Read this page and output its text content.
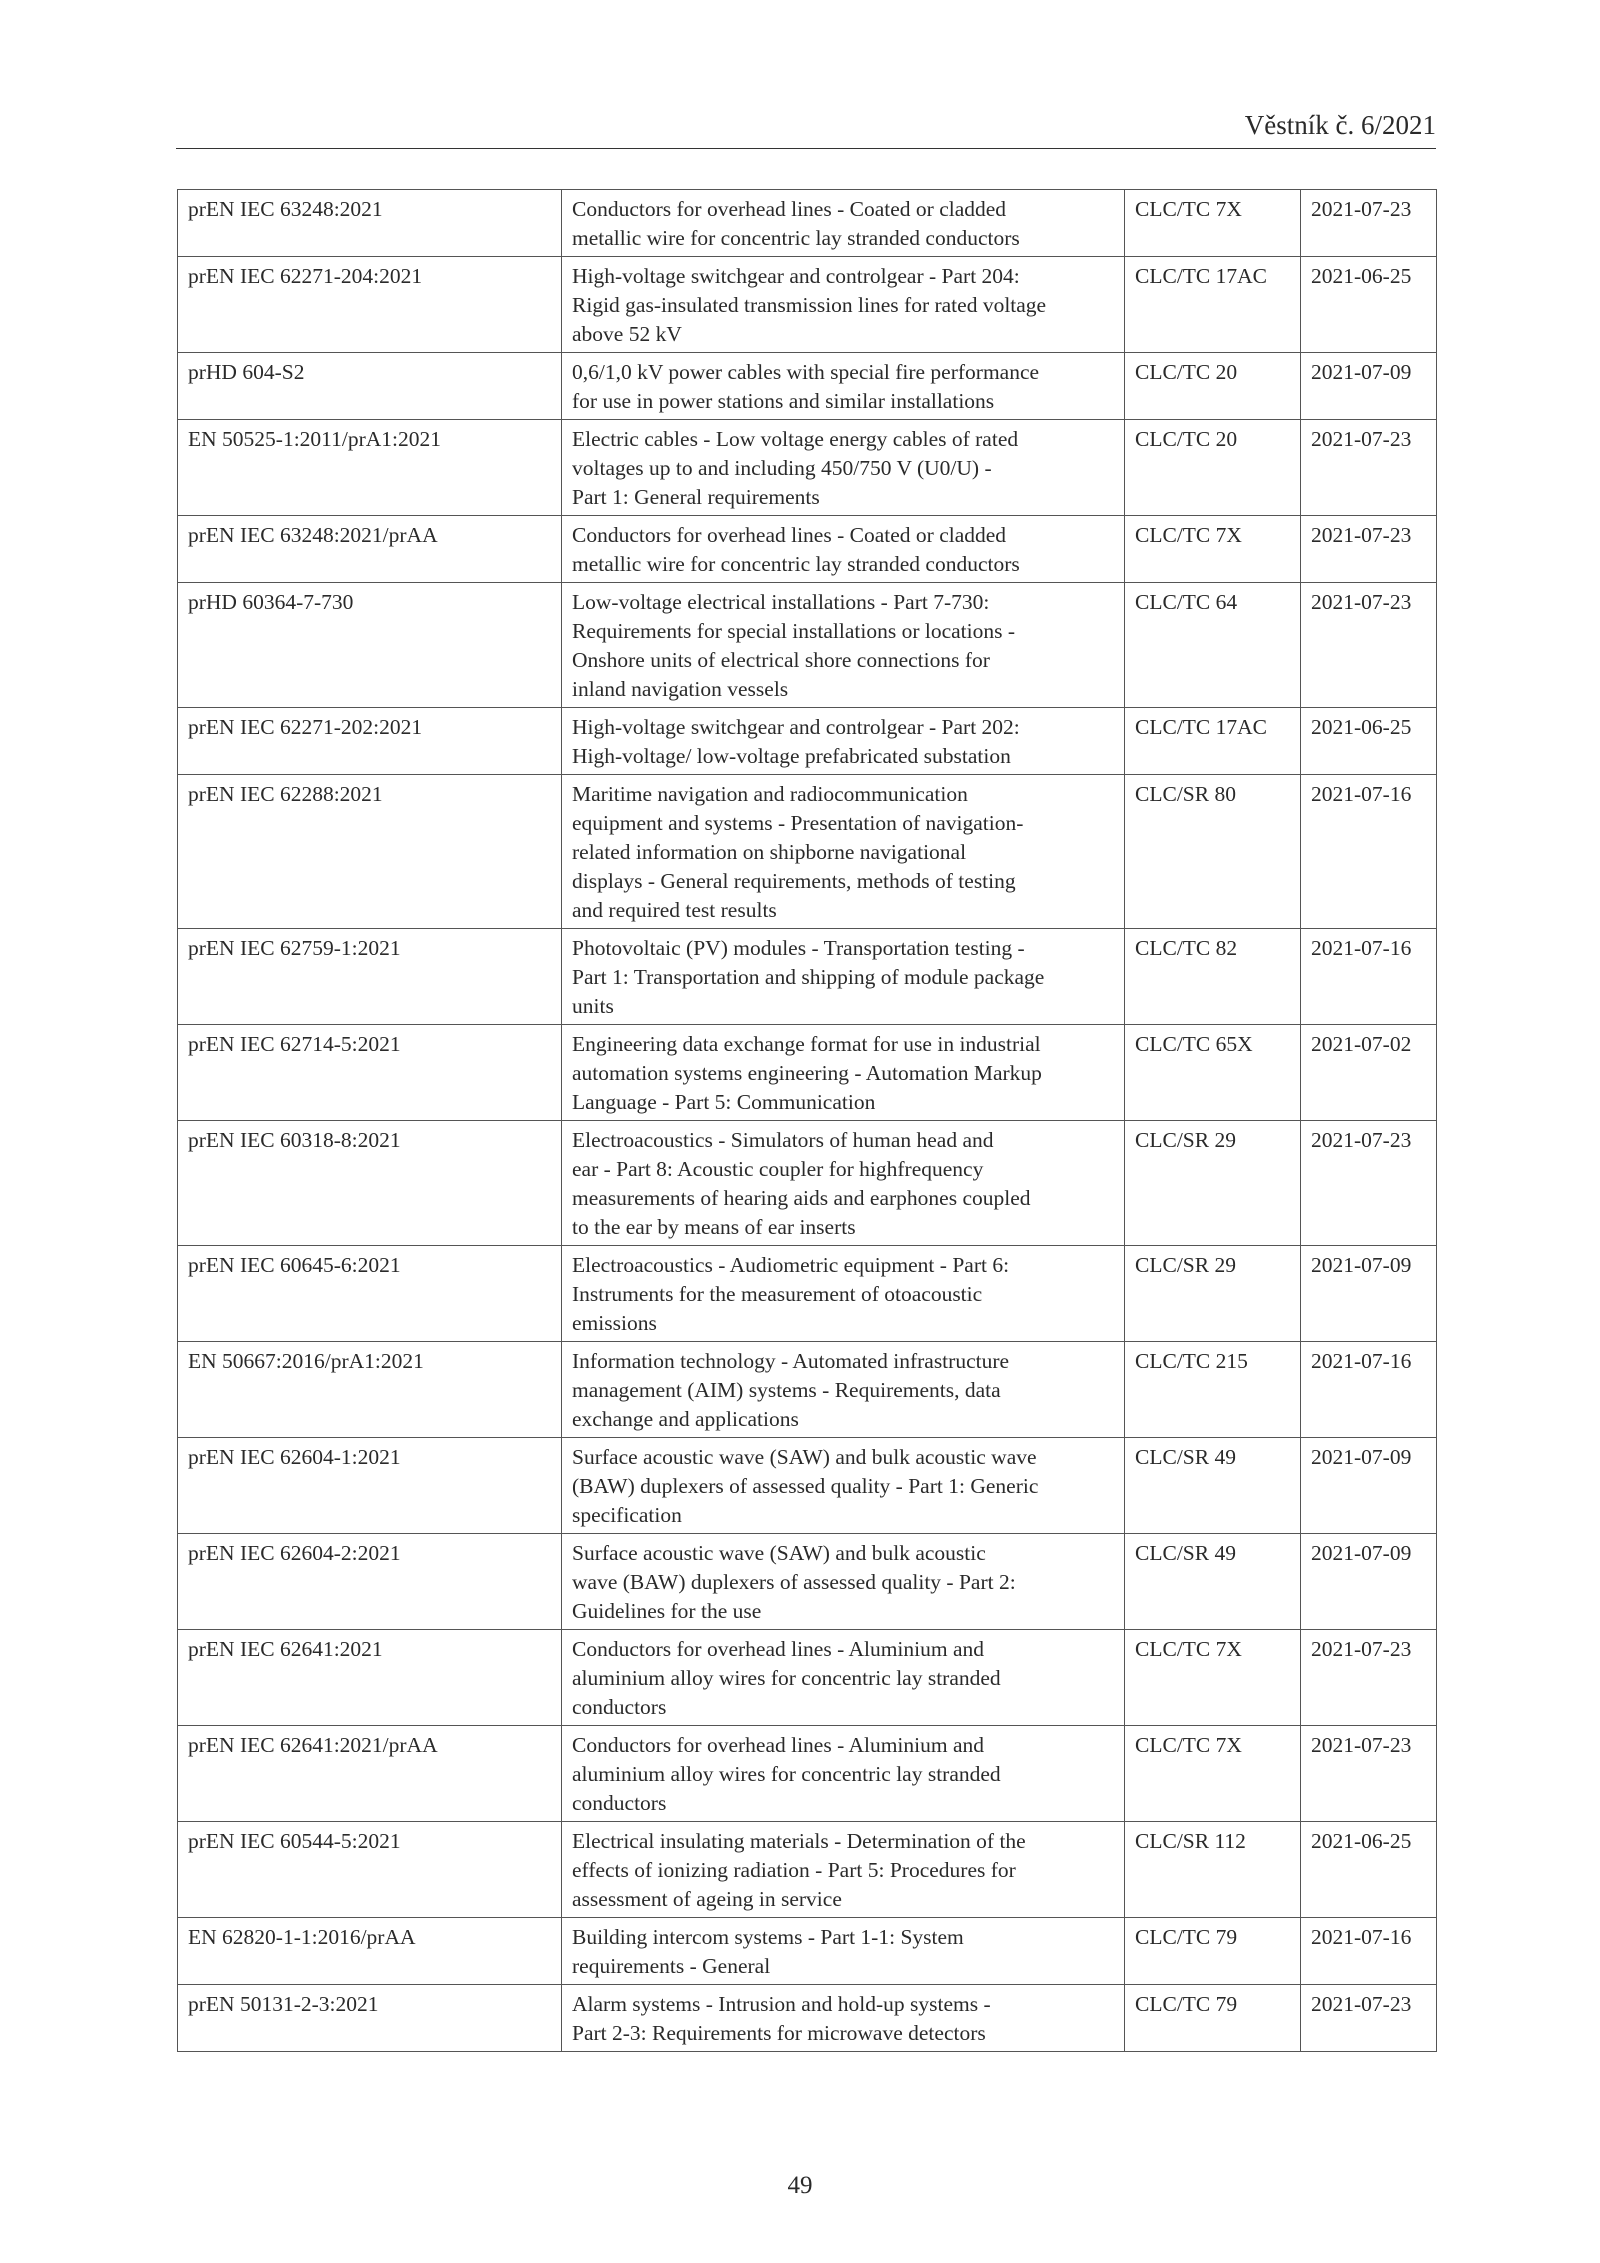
Věstník č. 6/2021
prEN IEC 63248:2021	Conductors for overhead lines - Coated or cladded
metallic wire for concentric lay stranded conductors	CLC/TC 7X	2021-07-23
prEN IEC 62271-204:2021	High-voltage switchgear and controlgear - Part 204:
Rigid gas-insulated transmission lines for rated voltage
above 52 kV	CLC/TC 17AC	2021-06-25
prHD 604-S2	0,6/1,0 kV power cables with special fire performance
for use in power stations and similar installations	CLC/TC 20	2021-07-09
EN 50525-1:2011/prA1:2021	Electric cables - Low voltage energy cables of rated
voltages up to and including 450/750 V (U0/U) -
Part 1: General requirements	CLC/TC 20	2021-07-23
prEN IEC 63248:2021/prAA	Conductors for overhead lines - Coated or cladded
metallic wire for concentric lay stranded conductors	CLC/TC 7X	2021-07-23
prHD 60364-7-730	Low-voltage electrical installations - Part 7-730:
Requirements for special installations or locations -
Onshore units of electrical shore connections for
inland navigation vessels	CLC/TC 64	2021-07-23
prEN IEC 62271-202:2021	High-voltage switchgear and controlgear - Part 202:
High-voltage/ low-voltage prefabricated substation	CLC/TC 17AC	2021-06-25
prEN IEC 62288:2021	Maritime navigation and radiocommunication
equipment and systems - Presentation of navigation-
related information on shipborne navigational
displays - General requirements, methods of testing
and required test results	CLC/SR 80	2021-07-16
prEN IEC 62759-1:2021	Photovoltaic (PV) modules - Transportation testing -
Part 1: Transportation and shipping of module package
units	CLC/TC 82	2021-07-16
prEN IEC 62714-5:2021	Engineering data exchange format for use in industrial
automation systems engineering - Automation Markup
Language - Part 5: Communication	CLC/TC 65X	2021-07-02
prEN IEC 60318-8:2021	Electroacoustics - Simulators of human head and
ear - Part 8: Acoustic coupler for highfrequency
measurements of hearing aids and earphones coupled
to the ear by means of ear inserts	CLC/SR 29	2021-07-23
prEN IEC 60645-6:2021	Electroacoustics - Audiometric equipment - Part 6:
Instruments for the measurement of otoacoustic
emissions	CLC/SR 29	2021-07-09
EN 50667:2016/prA1:2021	Information technology - Automated infrastructure
management (AIM) systems - Requirements, data
exchange and applications	CLC/TC 215	2021-07-16
prEN IEC 62604-1:2021	Surface acoustic wave (SAW) and bulk acoustic wave
(BAW) duplexers of assessed quality - Part 1: Generic
specification	CLC/SR 49	2021-07-09
prEN IEC 62604-2:2021	Surface acoustic wave (SAW) and bulk acoustic
wave (BAW) duplexers of assessed quality - Part 2:
Guidelines for the use	CLC/SR 49	2021-07-09
prEN IEC 62641:2021	Conductors for overhead lines - Aluminium and
aluminium alloy wires for concentric lay stranded
conductors	CLC/TC 7X	2021-07-23
prEN IEC 62641:2021/prAA	Conductors for overhead lines - Aluminium and
aluminium alloy wires for concentric lay stranded
conductors	CLC/TC 7X	2021-07-23
prEN IEC 60544-5:2021	Electrical insulating materials - Determination of the
effects of ionizing radiation - Part 5: Procedures for
assessment of ageing in service	CLC/SR 112	2021-06-25
EN 62820-1-1:2016/prAA	Building intercom systems - Part 1-1: System
requirements - General	CLC/TC 79	2021-07-16
prEN 50131-2-3:2021	Alarm systems - Intrusion and hold-up systems -
Part 2-3: Requirements for microwave detectors	CLC/TC 79	2021-07-23
49
